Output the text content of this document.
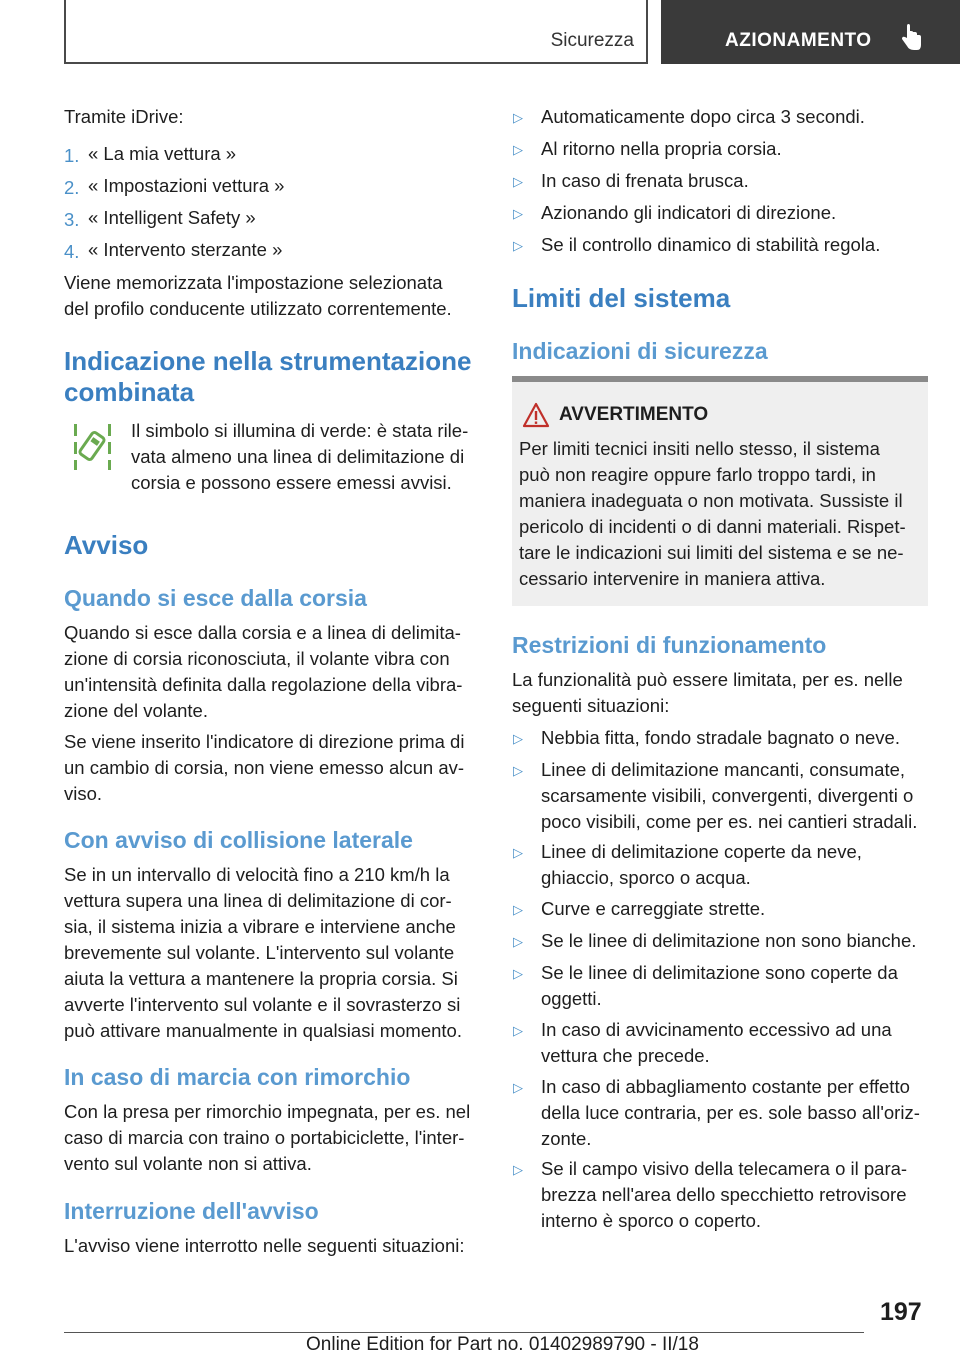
Sicurezza	AZIONAMENTO
Tramite iDrive:
1. « La mia vettura »
2. « Impostazioni vettura »
3. « Intelligent Safety »
4. « Intervento sterzante »
Viene memorizzata l'impostazione selezionata
del profilo conducente utilizzato correntemente.
Indicazione nella strumentazione
combinata
Il simbolo si illumina di verde: è stata rile-
vata almeno una linea di delimitazione di
corsia e possono essere emessi avvisi.
Avviso
Quando si esce dalla corsia
Quando si esce dalla corsia e a linea di delimita-
zione di corsia riconosciuta, il volante vibra con
un'intensità definita dalla regolazione della vibra-
zione del volante.
Se viene inserito l'indicatore di direzione prima di
un cambio di corsia, non viene emesso alcun av-
viso.
Con avviso di collisione laterale
Se in un intervallo di velocità fino a 210 km/h la
vettura supera una linea di delimitazione di cor-
sia, il sistema inizia a vibrare e interviene anche
brevemente sul volante. L'intervento sul volante
aiuta la vettura a mantenere la propria corsia. Si
avverte l'intervento sul volante e il sovrasterzo si
può attivare manualmente in qualsiasi momento.
In caso di marcia con rimorchio
Con la presa per rimorchio impegnata, per es. nel
caso di marcia con traino o portabiciclette, l'inter-
vento sul volante non si attiva.
Interruzione dell'avviso
L'avviso viene interrotto nelle seguenti situazioni:
▷ Automaticamente dopo circa 3 secondi.
▷ Al ritorno nella propria corsia.
▷ In caso di frenata brusca.
▷ Azionando gli indicatori di direzione.
▷ Se il controllo dinamico di stabilità regola.
Limiti del sistema
Indicazioni di sicurezza
AVVERTIMENTO
Per limiti tecnici insiti nello stesso, il sistema
può non reagire oppure farlo troppo tardi, in
maniera inadeguata o non motivata. Sussiste il
pericolo di incidenti o di danni materiali. Rispet-
tare le indicazioni sui limiti del sistema e se ne-
cessario intervenire in maniera attiva.
Restrizioni di funzionamento
La funzionalità può essere limitata, per es. nelle
seguenti situazioni:
▷ Nebbia fitta, fondo stradale bagnato o neve.
▷ Linee di delimitazione mancanti, consumate,
scarsamente visibili, convergenti, divergenti o
poco visibili, come per es. nei cantieri stradali.
▷ Linee di delimitazione coperte da neve,
ghiaccio, sporco o acqua.
▷ Curve e carreggiate strette.
▷ Se le linee di delimitazione non sono bianche.
▷ Se le linee di delimitazione sono coperte da
oggetti.
▷ In caso di avvicinamento eccessivo ad una
vettura che precede.
▷ In caso di abbagliamento costante per effetto
della luce contraria, per es. sole basso all'oriz-
zonte.
▷ Se il campo visivo della telecamera o il para-
brezza nell'area dello specchietto retrovisore
interno è sporco o coperto.
197
Online Edition for Part no. 01402989790 - II/18
